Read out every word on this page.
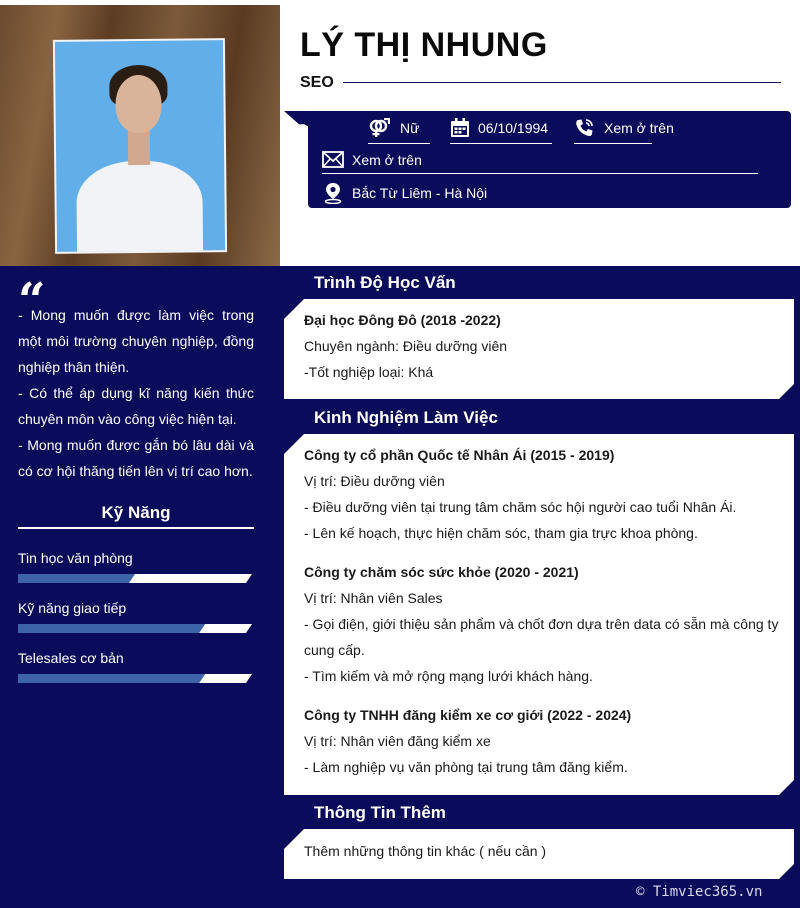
LÝ THỊ NHUNG
SEO
Nữ	06/10/1994	Xem ở trên
Xem ở trên
Bắc Từ Liêm - Hà Nội
“
- Mong muốn được làm việc trong một môi trường chuyên nghiệp, đồng nghiệp thân thiện.
- Có thể áp dụng kĩ năng kiến thức chuyên môn vào công việc hiện tại.
- Mong muốn được gắn bó lâu dài và có cơ hội thăng tiến lên vị trí cao hơn.
Kỹ Năng
Tin học văn phòng
Kỹ năng giao tiếp
Telesales cơ bản
Trình Độ Học Vấn
Đại học Đông Đô (2018 -2022)
Chuyên ngành: Điều dưỡng viên
-Tốt nghiệp loại: Khá
Kinh Nghiệm Làm Việc
Công ty cổ phần Quốc tế Nhân Ái (2015 - 2019)
Vị trí: Điều dưỡng viên
- Điều dưỡng viên tại trung tâm chăm sóc hội người cao tuổi Nhân Ái.
- Lên kế hoạch, thực hiện chăm sóc, tham gia trực khoa phòng.
Công ty chăm sóc sức khỏe (2020 - 2021)
Vị trí: Nhân viên Sales
- Gọi điện, giới thiệu sản phẩm và chốt đơn dựa trên data có sẵn mà công ty cung cấp.
- Tìm kiếm và mở rộng mạng lưới khách hàng.
Công ty TNHH đăng kiểm xe cơ giới (2022 - 2024)
Vị trí: Nhân viên đăng kiểm xe
- Làm nghiệp vụ văn phòng tại trung tâm đăng kiểm.
Thông Tin Thêm
Thêm những thông tin khác ( nếu cần )
© Timviec365.vn
